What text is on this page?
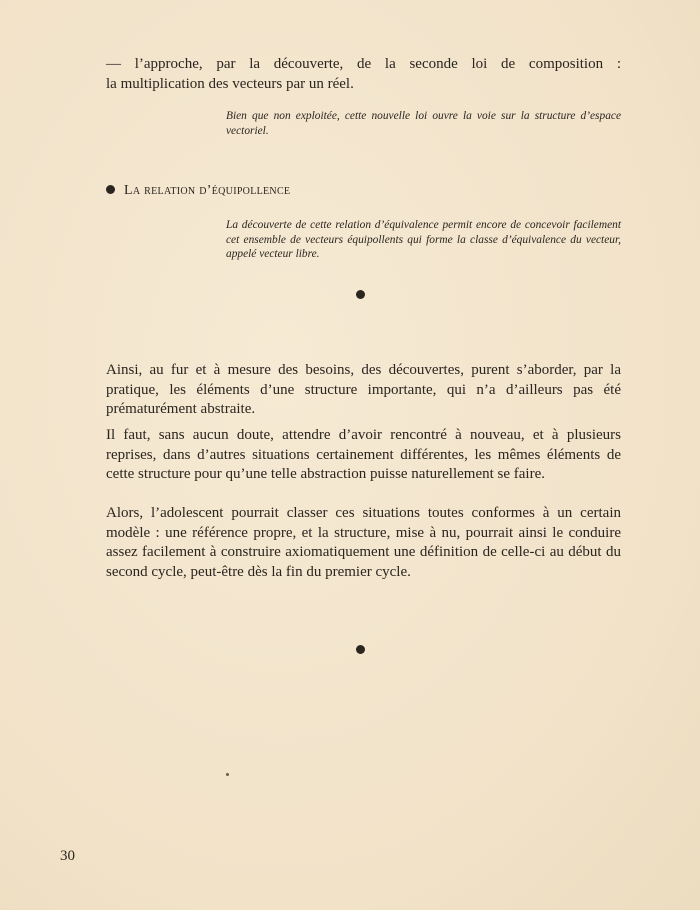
— l’approche, par la découverte, de la seconde loi de composition :
la multiplication des vecteurs par un réel.

Bien que non exploitée, cette nouvelle loi ouvre la voie sur la structure d’espace vectoriel.

La relation d’équipollence

La découverte de cette relation d’équivalence permit encore de concevoir facilement cet ensemble de vecteurs équipollents qui forme la classe d’équivalence du vecteur, appelé vecteur libre.

Ainsi, au fur et à mesure des besoins, des découvertes, purent s’aborder, par la pratique, les éléments d’une structure importante, qui n’a d’ailleurs pas été prématurément abstraite.

Il faut, sans aucun doute, attendre d’avoir rencontré à nouveau, et à plusieurs reprises, dans d’autres situations certainement différentes, les mêmes éléments de cette structure pour qu’une telle abstraction puisse naturellement se faire.

Alors, l’adolescent pourrait classer ces situations toutes conformes à un certain modèle : une référence propre, et la structure, mise à nu, pourrait ainsi le conduire assez facilement à construire axiomatiquement une définition de celle-ci au début du second cycle, peut-être dès la fin du premier cycle.

30
